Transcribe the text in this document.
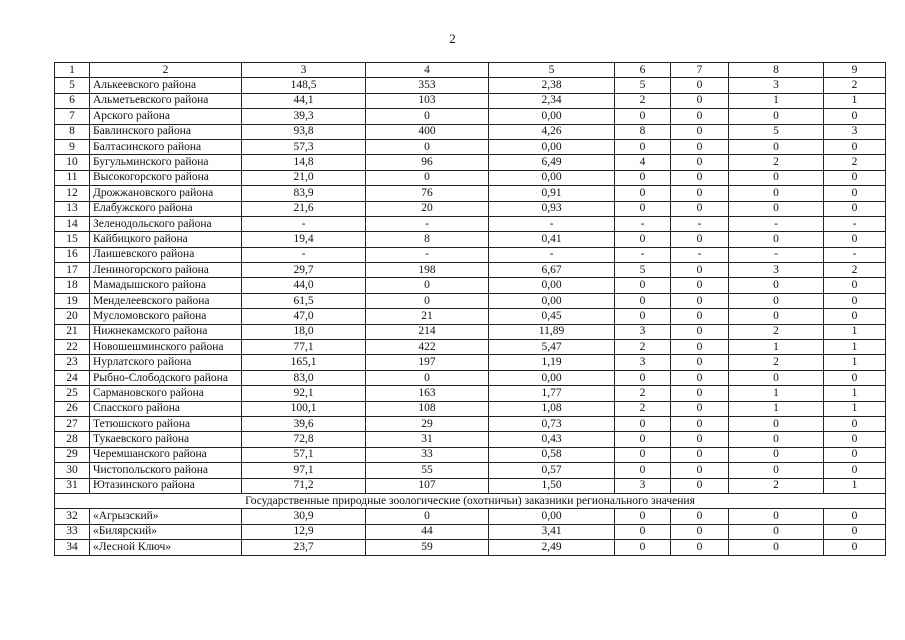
2
1	2	3	4	5	6	7	8	9
5	Алькеевского района	148,5	353	2,38	5	0	3	2
6	Альметьевского района	44,1	103	2,34	2	0	1	1
7	Арского района	39,3	0	0,00	0	0	0	0
8	Бавлинского района	93,8	400	4,26	8	0	5	3
9	Балтасинского района	57,3	0	0,00	0	0	0	0
10	Бугульминского района	14,8	96	6,49	4	0	2	2
11	Высокогорского района	21,0	0	0,00	0	0	0	0
12	Дрожжановского района	83,9	76	0,91	0	0	0	0
13	Елабужского района	21,6	20	0,93	0	0	0	0
14	Зеленодольского района	-	-	-	-	-	-	-
15	Кайбицкого района	19,4	8	0,41	0	0	0	0
16	Лаишевского района	-	-	-	-	-	-	-
17	Лениногорского района	29,7	198	6,67	5	0	3	2
18	Мамадышского района	44,0	0	0,00	0	0	0	0
19	Менделеевского района	61,5	0	0,00	0	0	0	0
20	Мусломовского района	47,0	21	0,45	0	0	0	0
21	Нижнекамского района	18,0	214	11,89	3	0	2	1
22	Новошешминского района	77,1	422	5,47	2	0	1	1
23	Нурлатского района	165,1	197	1,19	3	0	2	1
24	Рыбно-Слободского района	83,0	0	0,00	0	0	0	0
25	Сармановского района	92,1	163	1,77	2	0	1	1
26	Спасского района	100,1	108	1,08	2	0	1	1
27	Тетюшского района	39,6	29	0,73	0	0	0	0
28	Тукаевского района	72,8	31	0,43	0	0	0	0
29	Черемшанского района	57,1	33	0,58	0	0	0	0
30	Чистопольского района	97,1	55	0,57	0	0	0	0
31	Ютазинского района	71,2	107	1,50	3	0	2	1
Государственные природные зоологические (охотничьи) заказники регионального значения								
32	«Агрызский»	30,9	0	0,00	0	0	0	0
33	«Билярский»	12,9	44	3,41	0	0	0	0
34	«Лесной Ключ»	23,7	59	2,49	0	0	0	0
